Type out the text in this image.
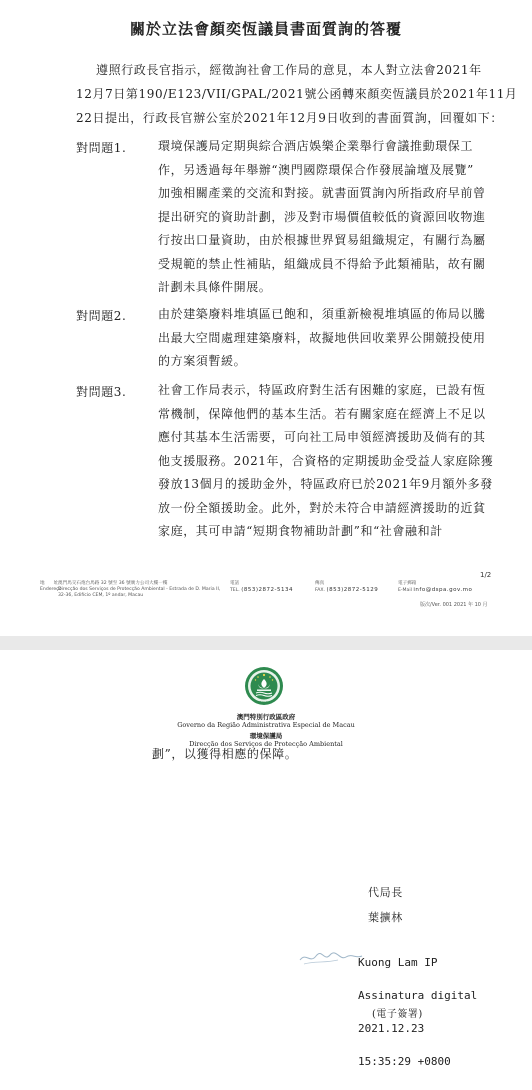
關於立法會顏奕恆議員書面質詢的答覆
遵照行政長官指示，經徵詢社會工作局的意見，本人對立法會2021年
12月7日第190/E123/VII/GPAL/2021號公函轉來顏奕恆議員於2021年11月
22日提出，行政長官辦公室於2021年12月9日收到的書面質詢，回覆如下：
對問題1.	環境保護局定期與綜合酒店娛樂企業舉行會議推動環保工
作，另透過每年舉辦“澳門國際環保合作發展論壇及展覽”
加強相關產業的交流和對接。就書面質詢內所指政府早前曾
提出研究的資助計劃，涉及對市場價值較低的資源回收物進
行按出口量資助，由於根據世界貿易組織規定，有關行為屬
受規範的禁止性補貼，組織成員不得給予此類補貼，故有關
計劃未具條件開展。
對問題2.	由於建築廢料堆填區已飽和，須重新檢視堆填區的佈局以騰
出最大空間處理建築廢料，故擬地供回收業界公開競投使用
的方案須暫緩。
對問題3.	社會工作局表示，特區政府對生活有困難的家庭，已設有恆
常機制，保障他們的基本生活。若有關家庭在經濟上不足以
應付其基本生活需要，可向社工局申領經濟援助及倘有的其
他支援服務。2021年，合資格的定期援助金受益人家庭除獲
發放13個月的援助金外，特區政府已於2021年9月額外多發
放一份全額援助金。此外，對於未符合申請經濟援助的近貧
家庭，其可申請“短期食物補助計劃”和“社會融和計
1/2
地　　址
Endereço
澳門馬交石炮台馬路 32 號至 36 號廣力公司大樓一樓
Direcção dos Serviços de Protecção Ambiental - Estrada de D. Maria II,
32-36, Edifício CEM, 1º andar, Macau
電話
TEL. (853)2872-5134
傳真
FAX. (853)2872-5129
電子郵箱
E-Mail info@dspa.gov.mo
版次/Ver. 001 2021 年 10 月
MACAU
澳門特別行政區政府
Governo da Região Administrativa Especial de Macau
環境保護局
Direcção dos Serviços de Protecção Ambiental
劃”，以獲得相應的保障。
代局長
葉擴林

Kuong Lam IP

Assinatura digital

2021.12.23

15:35:29 +0800

(電子簽署)
